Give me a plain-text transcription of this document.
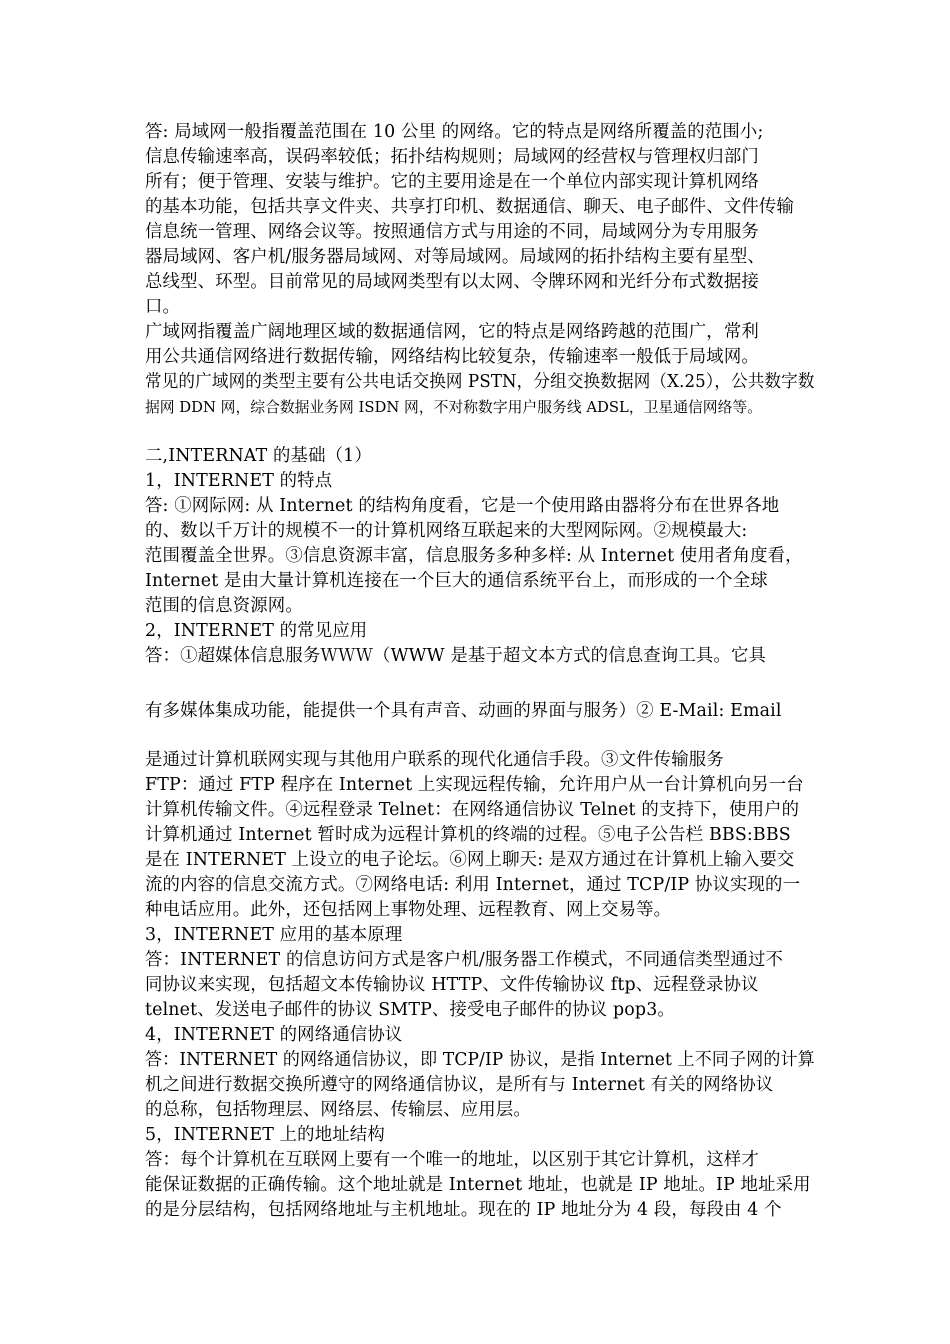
答: 局域网一般指覆盖范围在 10 公里 的网络。它的特点是网络所覆盖的范围小;
信息传输速率高，误码率较低；拓扑结构规则；局域网的经营权与管理权归部门
所有；便于管理、安装与维护。它的主要用途是在一个单位内部实现计算机网络
的基本功能，包括共享文件夹、共享打印机、数据通信、聊天、电子邮件、文件传输
信息统一管理、网络会议等。按照通信方式与用途的不同，局域网分为专用服务
器局域网、客户机/服务器局域网、对等局域网。局域网的拓扑结构主要有星型、
总线型、环型。目前常见的局域网类型有以太网、令牌环网和光纤分布式数据接
口。
广域网指覆盖广阔地理区域的数据通信网，它的特点是网络跨越的范围广，常利
用公共通信网络进行数据传输，网络结构比较复杂，传输速率一般低于局域网。
常见的广域网的类型主要有公共电话交换网 PSTN，分组交换数据网（X.25），公共数字数
据网 DDN 网，综合数据业务网 ISDN 网，不对称数字用户服务线 ADSL，卫星通信网络等。
二,INTERNAT 的基础（1）
1，INTERNET 的特点
答: ①网际网: 从 Internet 的结构角度看，它是一个使用路由器将分布在世界各地
的、数以千万计的规模不一的计算机网络互联起来的大型网际网。②规模最大:
范围覆盖全世界。③信息资源丰富，信息服务多种多样: 从 Internet 使用者角度看，
Internet 是由大量计算机连接在一个巨大的通信系统平台上，而形成的一个全球
范围的信息资源网。
2，INTERNET 的常见应用
答：①超媒体信息服务ＷＷＷ（WWW 是基于超文本方式的信息查询工具。它具
有多媒体集成功能，能提供一个具有声音、动画的界面与服务）② E-Mail: Email
是通过计算机联网实现与其他用户联系的现代化通信手段。③文件传输服务
FTP：通过 FTP 程序在 Internet 上实现远程传输，允许用户从一台计算机向另一台
计算机传输文件。④远程登录 Telnet：在网络通信协议 Telnet 的支持下，使用户的
计算机通过 Internet 暂时成为远程计算机的终端的过程。⑤电子公告栏 BBS:BBS
是在 INTERNET 上设立的电子论坛。⑥网上聊天: 是双方通过在计算机上输入要交
流的内容的信息交流方式。⑦网络电话: 利用 Internet，通过 TCP/IP 协议实现的一
种电话应用。此外，还包括网上事物处理、远程教育、网上交易等。
3，INTERNET 应用的基本原理
答：INTERNET 的信息访问方式是客户机/服务器工作模式，不同通信类型通过不
同协议来实现，包括超文本传输协议 HTTP、文件传输协议 ftp、远程登录协议
telnet、发送电子邮件的协议 SMTP、接受电子邮件的协议 pop3。
4，INTERNET 的网络通信协议
答：INTERNET 的网络通信协议，即 TCP/IP 协议，是指 Internet 上不同子网的计算
机之间进行数据交换所遵守的网络通信协议，是所有与 Internet 有关的网络协议
的总称，包括物理层、网络层、传输层、应用层。
5，INTERNET 上的地址结构
答：每个计算机在互联网上要有一个唯一的地址，以区别于其它计算机，这样才
能保证数据的正确传输。这个地址就是 Internet 地址，也就是 IP 地址。IP 地址采用
的是分层结构，包括网络地址与主机地址。现在的 IP 地址分为 4 段，每段由 4 个
